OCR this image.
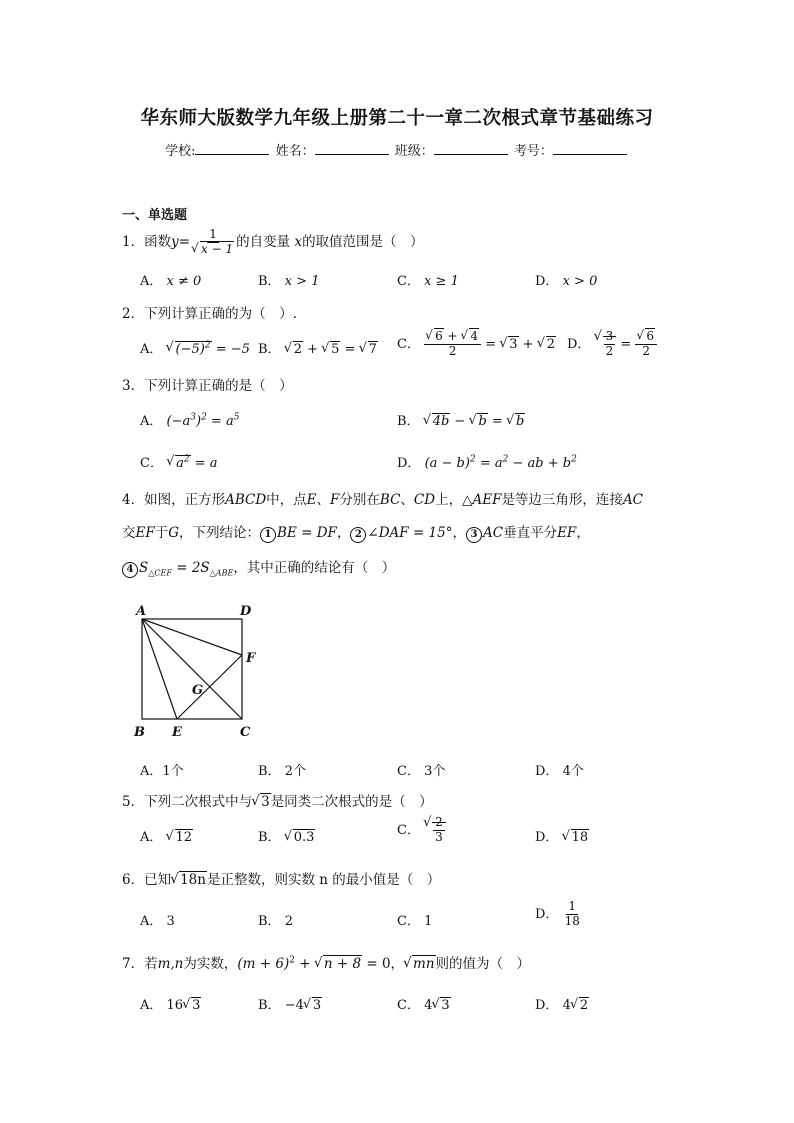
华东师大版数学九年级上册第二十一章二次根式章节基础练习
学校:	姓名：	班级：	考号：
一、单选题
1．函数y= 1
√ x − 1 的自变量 x的取值范围是（　）
A． x ≠ 0	B． x > 1	C． x ≥ 1	D． x > 0
2．下列计算正确的为（　）.
A． √ $(-5)^2 = -5$ B． √ 2 + √ 5 = √ 7 C． √ $\frac{6 + √ 4}{2}$ = √ 3 + √ 2 D． √ $\frac{3}{2}$ = √ $\frac{6}{2}$
3．下列计算正确的是（　）
A． $(-a^3)^2 = a^5$	B． √ 4b − √ b = √ b
C． √ $a^2 = a$	D． $(a - b)^2 = a^2$ − ab + $b^2$
4．如图，正方形ABCD中，点E、F分别在BC、CD上，△AEF是等边三角形，连接AC
交EF于G，下列结论： 1 BE = DF， 2 ∠DAF = 15°， 3 AC垂直平分EF，
4 $S_{\triangle CEF} = 2S_{\triangle ABE}$，其中正确的结论有（　）
A	D
F
G
B E	C
A．1个	B． 2个	C． 3个	D． 4个
5．下列二次根式中与 √ 3是同类二次根式的是（　）
A． √ 12	B． √ 0.3	C． √ $\frac{2}{3}$	D． √ 18
6．已知 √ 18n是正整数，则实数 n 的最小值是（　）
A． 3	B． 2	C． 1	D． $\frac{1}{18}$
7．若m,n为实数，$(m + 6)^2$ + √ n + 8 = 0， √ mn则的值为（　）
A． 16 √ 3	B． −4 √ 3	C． 4 √ 3	D． 4 √ 2
